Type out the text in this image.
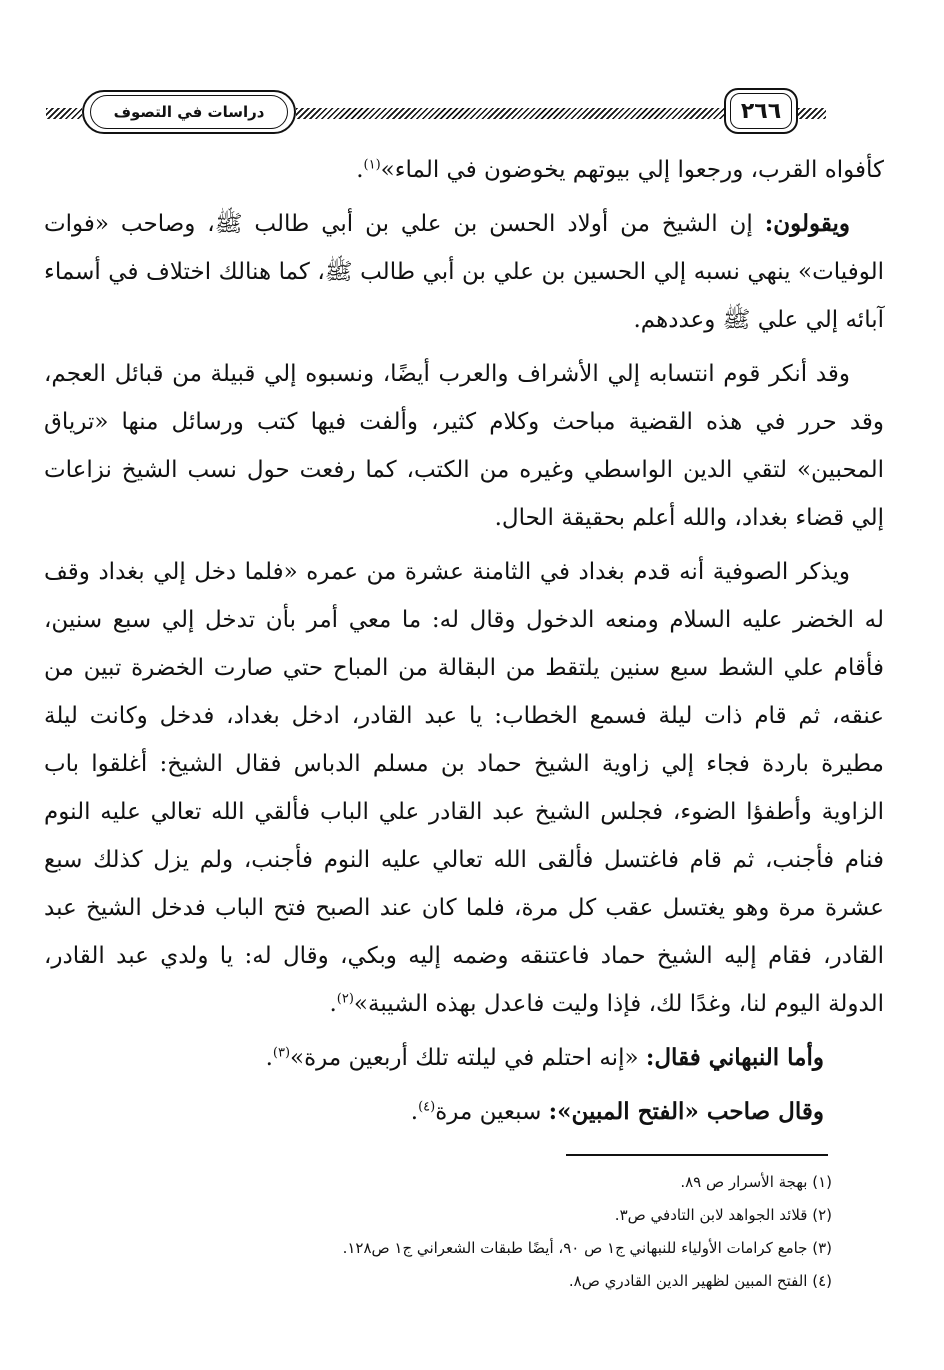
دراسات في التصوف	٢٦٦

كأفواه القرب، ورجعوا إلي بيوتهم يخوضون في الماء»$^{(١)}$.

ويقولون: إن الشيخ من أولاد الحسن بن علي بن أبي طالب ﷺ، وصاحب «فوات الوفيات» ينهي نسبه إلي الحسين بن علي بن أبي طالب ﷺ، كما هنالك اختلاف في أسماء آبائه إلي علي ﷺ وعددهم.

وقد أنكر قوم انتسابه إلي الأشراف والعرب أيضًا، ونسبوه إلي قبيلة من قبائل العجم، وقد حرر في هذه القضية مباحث وكلام كثير، وألفت فيها كتب ورسائل منها «ترياق المحبين» لتقي الدين الواسطي وغيره من الكتب، كما رفعت حول نسب الشيخ نزاعات إلي قضاء بغداد، والله أعلم بحقيقة الحال.

ويذكر الصوفية أنه قدم بغداد في الثامنة عشرة من عمره «فلما دخل إلي بغداد وقف له الخضر عليه السلام ومنعه الدخول وقال له: ما معي أمر بأن تدخل إلي سبع سنين، فأقام علي الشط سبع سنين يلتقط من البقالة من المباح حتي صارت الخضرة تبين من عنقه، ثم قام ذات ليلة فسمع الخطاب: يا عبد القادر، ادخل بغداد، فدخل وكانت ليلة مطيرة باردة فجاء إلي زاوية الشيخ حماد بن مسلم الدباس فقال الشيخ: أغلقوا باب الزاوية وأطفؤا الضوء، فجلس الشيخ عبد القادر علي الباب فألقي الله تعالي عليه النوم فنام فأجنب، ثم قام فاغتسل فألقى الله تعالي عليه النوم فأجنب، ولم يزل كذلك سبع عشرة مرة وهو يغتسل عقب كل مرة، فلما كان عند الصبح فتح الباب فدخل الشيخ عبد القادر، فقام إليه الشيخ حماد فاعتنقه وضمه إليه وبكي، وقال له: يا ولدي عبد القادر، الدولة اليوم لنا، وغدًا لك، فإذا وليت فاعدل بهذه الشيبة»$^{(٢)}$.

وأما النبهاني فقال: «إنه احتلم في ليلته تلك أربعين مرة»$^{(٣)}$.

وقال صاحب «الفتح المبين»: سبعين مرة$^{(٤)}$.

(١) بهجة الأسرار ص ٨٩.
(٢) قلائد الجواهد لابن التادفي ص٣.
(٣) جامع كرامات الأولياء للنبهاني ج١ ص ٩٠، أيضًا طبقات الشعراني ج١ ص١٢٨.
(٤) الفتح المبين لظهير الدين القادري ص٨.
